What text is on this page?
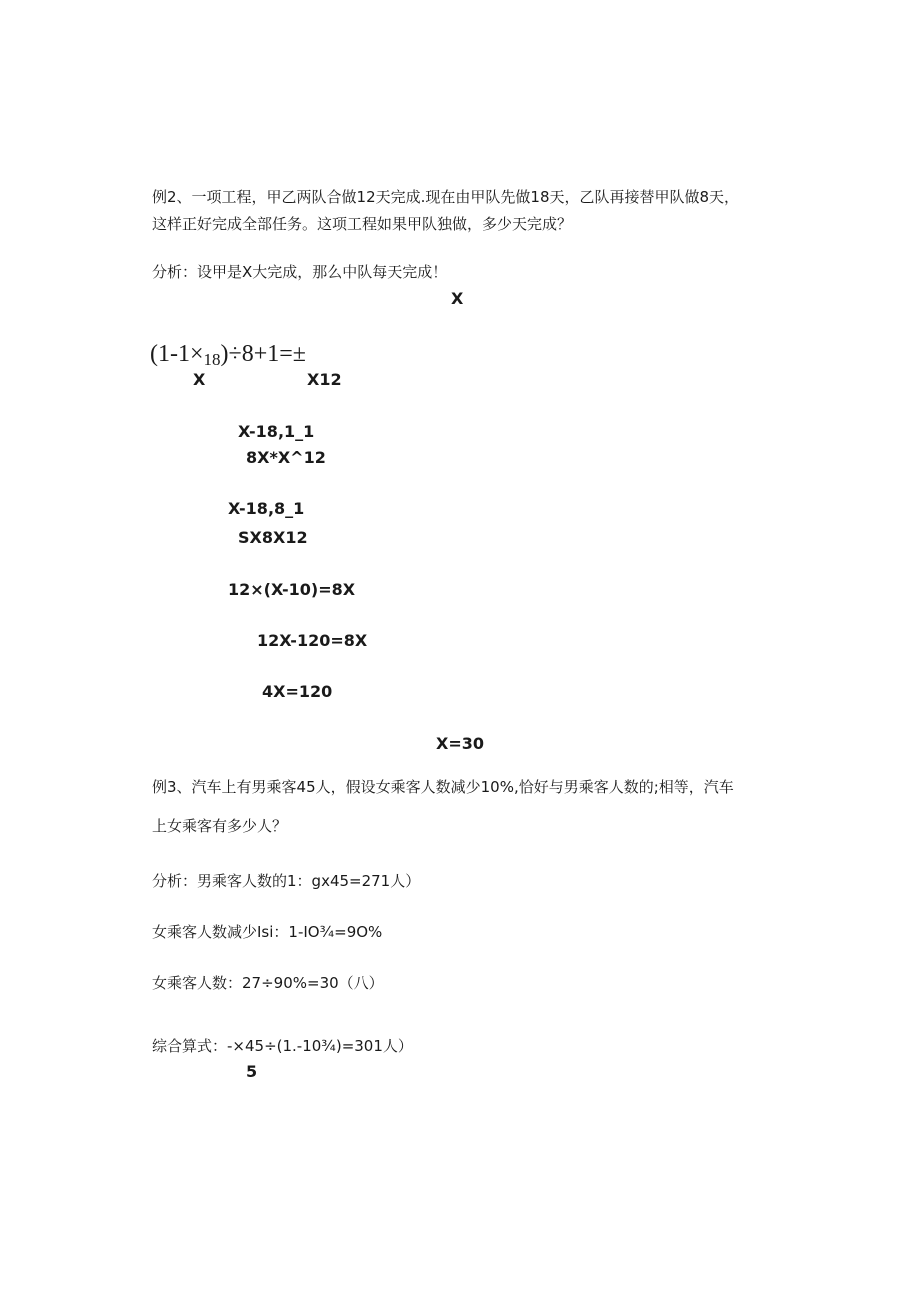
例2、一项工程，甲乙两队合做12天完成.现在由甲队先做18天，乙队再接替甲队做8天，
这样正好完成全部任务。这项工程如果甲队独做，多少天完成？
分析：设甲是X大完成，那么中队每天完成！
X
(1-1×18)÷8+1=±
X	X12
X-18,1_1
8X*X^12
X-18,8_1
SX8X12
12×(X-10)=8X
12X-120=8X
4X=120
X=30
例3、汽车上有男乘客45人，假设女乘客人数减少10%,恰好与男乘客人数的;相等，汽车
上女乘客有多少人？
分析：男乘客人数的1：gx45=271人）
女乘客人数减少Isi：1-IO¾=9O%
女乘客人数：27÷90%=30（八）
综合算式：-×45÷(1.-10¾)=301人）
5
